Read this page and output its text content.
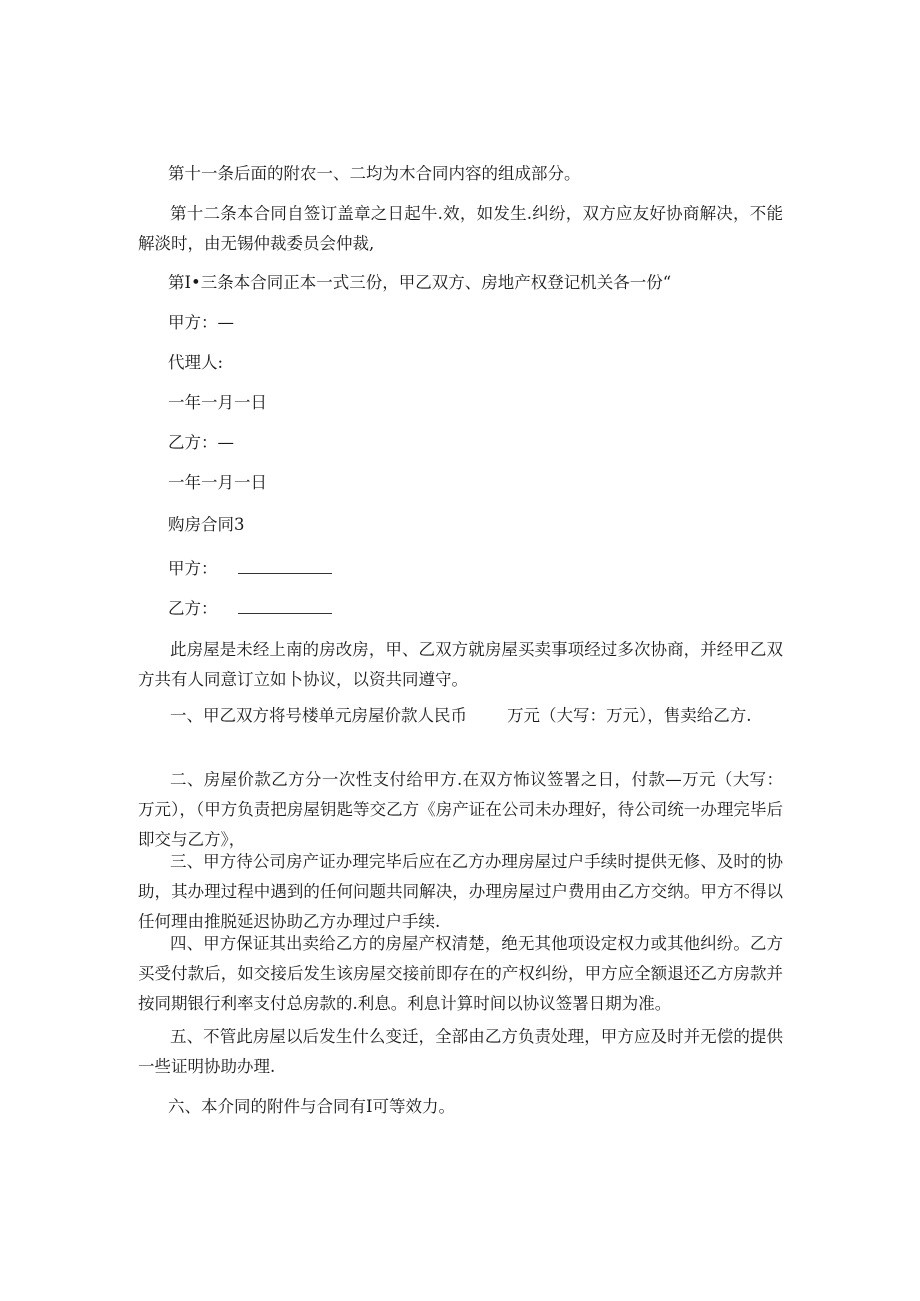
第十一条后面的附农一、二均为木合同内容的组成部分。

第十二条本合同自签订盖章之日起牛.效，如发生.纠纷，双方应友好协商解决，不能解淡时，由无锡仲裁委员会仲裁,

第I•三条本合同正本一式三份，甲乙双方、房地产权登记机关各一份“

甲方：—

代理人:

一年一月一日

乙方：—

一年一月一日

购房合同3

甲方：

乙方：

此房屋是未经上南的房改房，甲、乙双方就房屋买卖事项经过多次协商，并经甲乙双方共有人同意订立如卜协议，以资共同遵守。

一、甲乙双方将号楼单元房屋价款人民币 万元（大写：万元），售卖给乙方.

二、房屋价款乙方分一次性支付给甲方.在双方怖议签署之日，付款—万元（大写：万元），（甲方负责把房屋钥匙等交乙方《房产证在公司未办理好，待公司统一办理完毕后即交与乙方》，

三、甲方待公司房产证办理完毕后应在乙方办理房屋过户手续时提供无修、及时的协助，其办理过程中遇到的任何问题共同解决，办理房屋过户费用由乙方交纳。甲方不得以任何理由推脱延迟协助乙方办理过户手续.

四、甲方保证其出卖给乙方的房屋产权清楚，绝无其他项设定权力或其他纠纷。乙方买受付款后，如交接后发生该房屋交接前即存在的产权纠纷，甲方应全额退还乙方房款并按同期银行利率支付总房款的.利息。利息计算时间以协议签署日期为准。

五、不管此房屋以后发生什么变迁，全部由乙方负责处理，甲方应及时并无偿的提供一些证明协助办理.

六、本介同的附件与合同有I可等效力。
